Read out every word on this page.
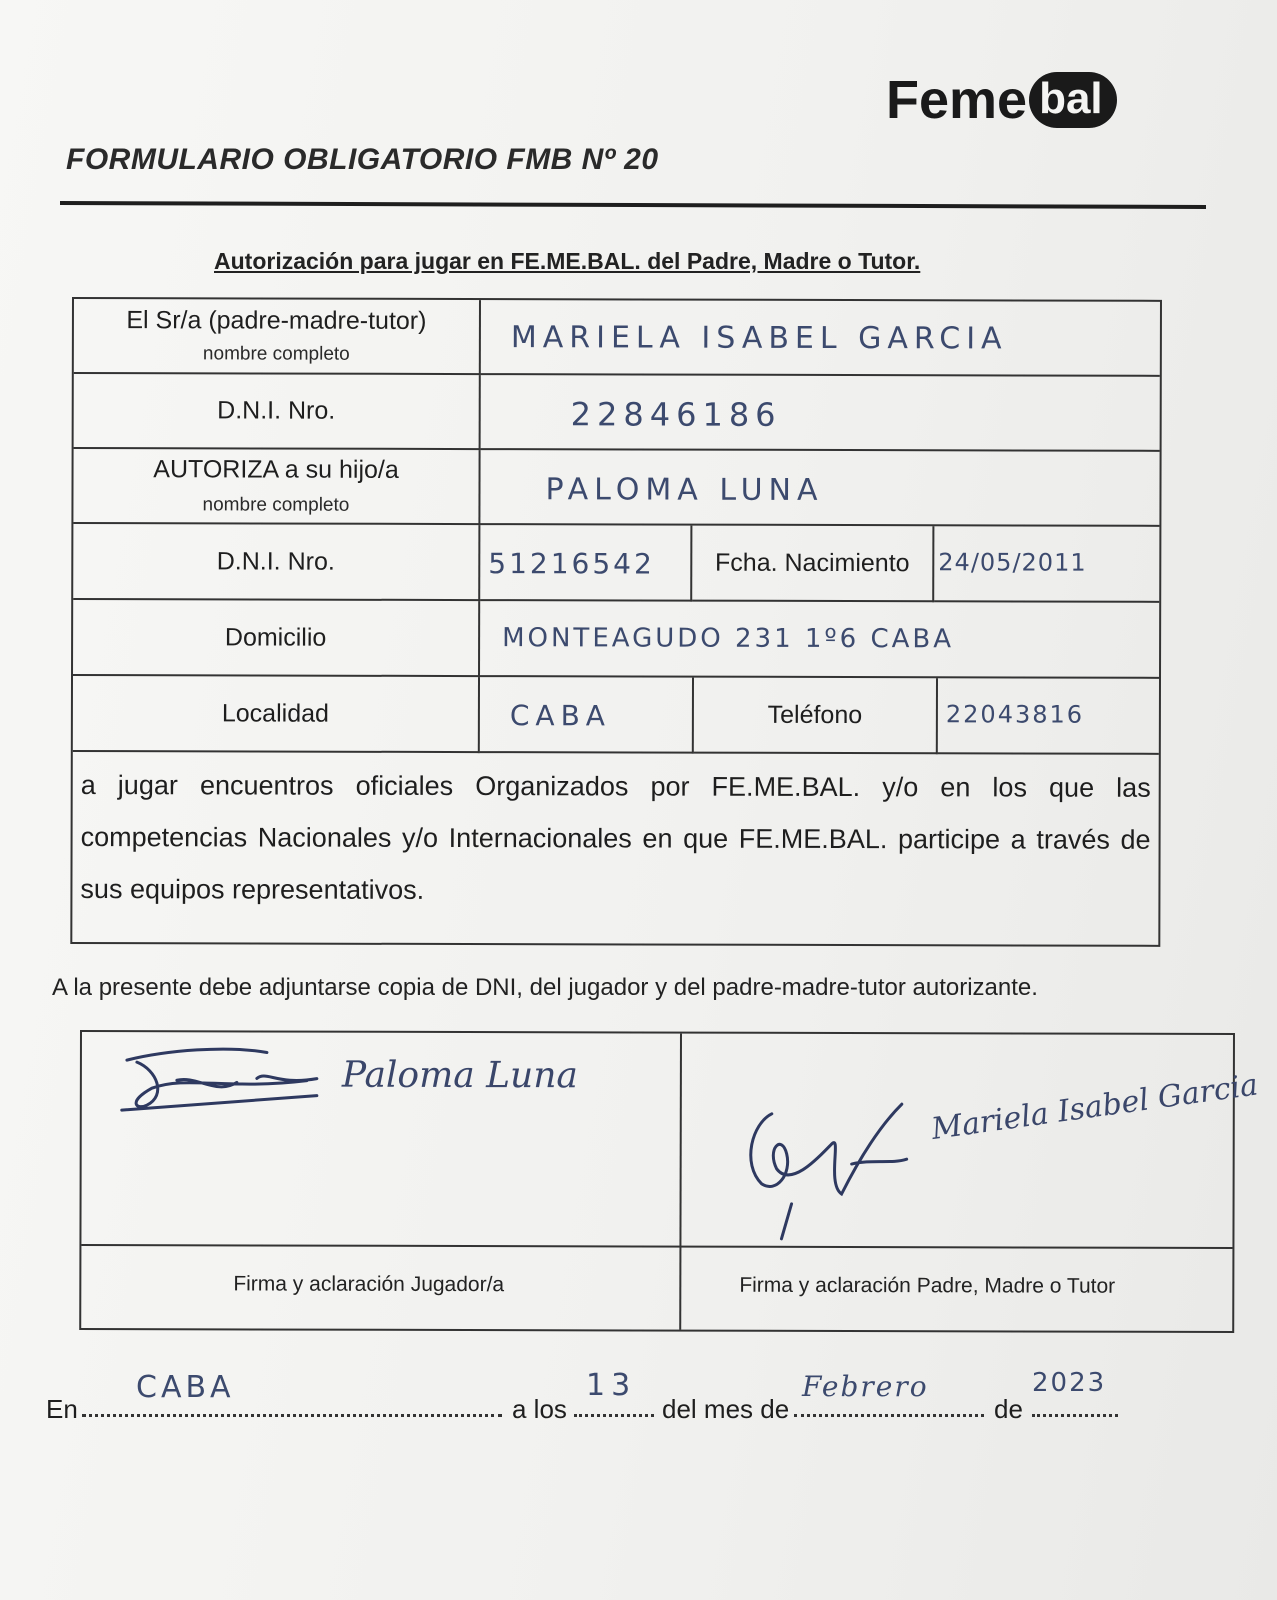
Feme bal
FORMULARIO OBLIGATORIO FMB Nº 20
Autorización para jugar en FE.ME.BAL. del Padre, Madre o Tutor.
El Sr/a (padre-madre-tutor)
nombre completo	MARIELA ISABEL GARCIA
D.N.I. Nro.	22846186
AUTORIZA a su hijo/a
nombre completo	PALOMA LUNA
D.N.I. Nro.	51216542 Fcha. Nacimiento 24/05/2011
Domicilio	MONTEAGUDO 231 1º6 CABA
Localidad	CABA	Teléfono	22043816
a jugar encuentros oficiales Organizados por FE.ME.BAL. y/o en los que las competencias Nacionales y/o Internacionales en que FE.ME.BAL. participe a través de sus equipos representativos.
A la presente debe adjuntarse copia de DNI, del jugador y del padre-madre-tutor autorizante.
Paloma Luna	Mariela Isabel Garcia
Firma y aclaración Jugador/a	Firma y aclaración Padre, Madre o Tutor
En
CABA
a los
13
del mes de
Febrero
de
2023
